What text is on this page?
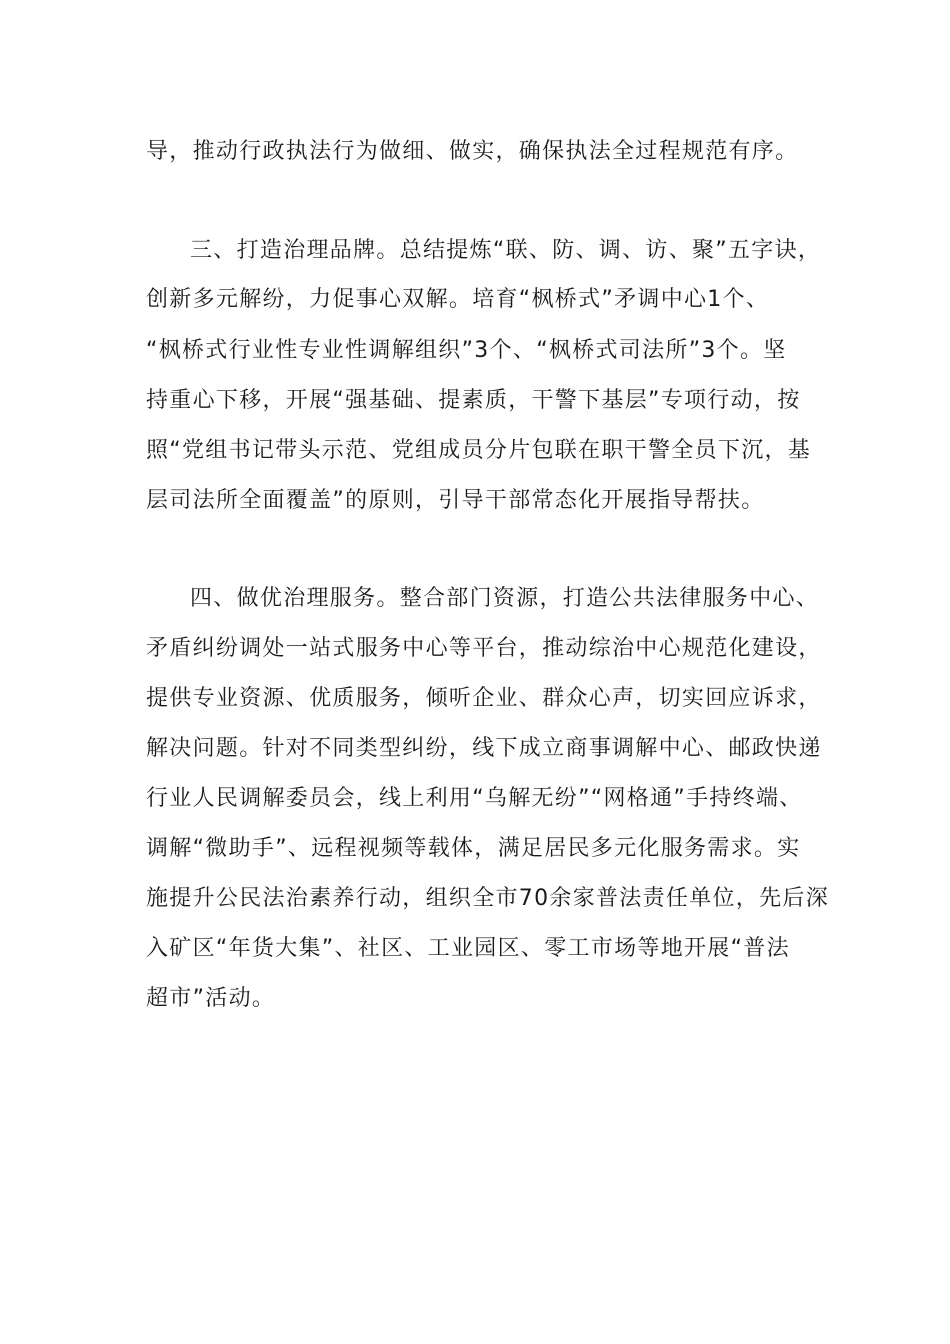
导，推动行政执法行为做细、做实，确保执法全过程规范有序。
三、打造治理品牌。总结提炼“联、防、调、访、聚”五字诀，
创新多元解纷，力促事心双解。培育“枫桥式”矛调中心1个、
“枫桥式行业性专业性调解组织”3个、“枫桥式司法所”3个。坚
持重心下移，开展“强基础、提素质，干警下基层”专项行动，按
照“党组书记带头示范、党组成员分片包联在职干警全员下沉，基
层司法所全面覆盖”的原则，引导干部常态化开展指导帮扶。
四、做优治理服务。整合部门资源，打造公共法律服务中心、
矛盾纠纷调处一站式服务中心等平台，推动综治中心规范化建设，
提供专业资源、优质服务，倾听企业、群众心声，切实回应诉求，
解决问题。针对不同类型纠纷，线下成立商事调解中心、邮政快递
行业人民调解委员会，线上利用“乌解无纷”“网格通”手持终端、
调解“微助手”、远程视频等载体，满足居民多元化服务需求。实
施提升公民法治素养行动，组织全市70余家普法责任单位，先后深
入矿区“年货大集”、社区、工业园区、零工市场等地开展“普法
超市”活动。
